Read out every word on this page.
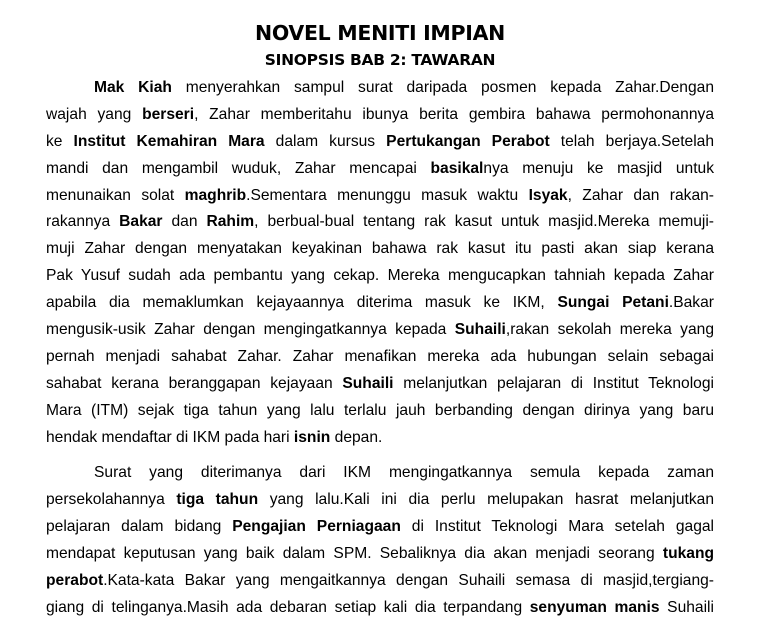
NOVEL MENITI IMPIAN
SINOPSIS BAB 2: TAWARAN
Mak Kiah menyerahkan sampul surat daripada posmen kepada Zahar.Dengan
wajah yang berseri, Zahar memberitahu ibunya berita gembira bahawa permohonannya
ke Institut Kemahiran Mara dalam kursus Pertukangan Perabot telah berjaya.Setelah
mandi dan mengambil wuduk, Zahar mencapai basikalnya menuju ke masjid untuk
menunaikan solat maghrib.Sementara menunggu masuk waktu Isyak, Zahar dan rakan-
rakannya Bakar dan Rahim, berbual-bual tentang rak kasut untuk masjid.Mereka memuji-
muji Zahar dengan menyatakan keyakinan bahawa rak kasut itu pasti akan siap kerana
Pak Yusuf sudah ada pembantu yang cekap. Mereka mengucapkan tahniah kepada Zahar
apabila dia memaklumkan kejayaannya diterima masuk ke IKM, Sungai Petani.Bakar
mengusik-usik Zahar dengan mengingatkannya kepada Suhaili,rakan sekolah mereka yang
pernah menjadi sahabat Zahar. Zahar menafikan mereka ada hubungan selain sebagai
sahabat kerana beranggapan kejayaan Suhaili melanjutkan pelajaran di Institut Teknologi
Mara (ITM) sejak tiga tahun yang lalu terlalu jauh berbanding dengan dirinya yang baru
hendak mendaftar di IKM pada hari isnin depan.
Surat yang diterimanya dari IKM mengingatkannya semula kepada zaman
persekolahannya tiga tahun yang lalu.Kali ini dia perlu melupakan hasrat melanjutkan
pelajaran dalam bidang Pengajian Perniagaan di Institut Teknologi Mara setelah gagal
mendapat keputusan yang baik dalam SPM. Sebaliknya dia akan menjadi seorang tukang
perabot.Kata-kata Bakar yang mengaitkannya dengan Suhaili semasa di masjid,tergiang-
giang di telinganya.Masih ada debaran setiap kali dia terpandang senyuman manis Suhaili
